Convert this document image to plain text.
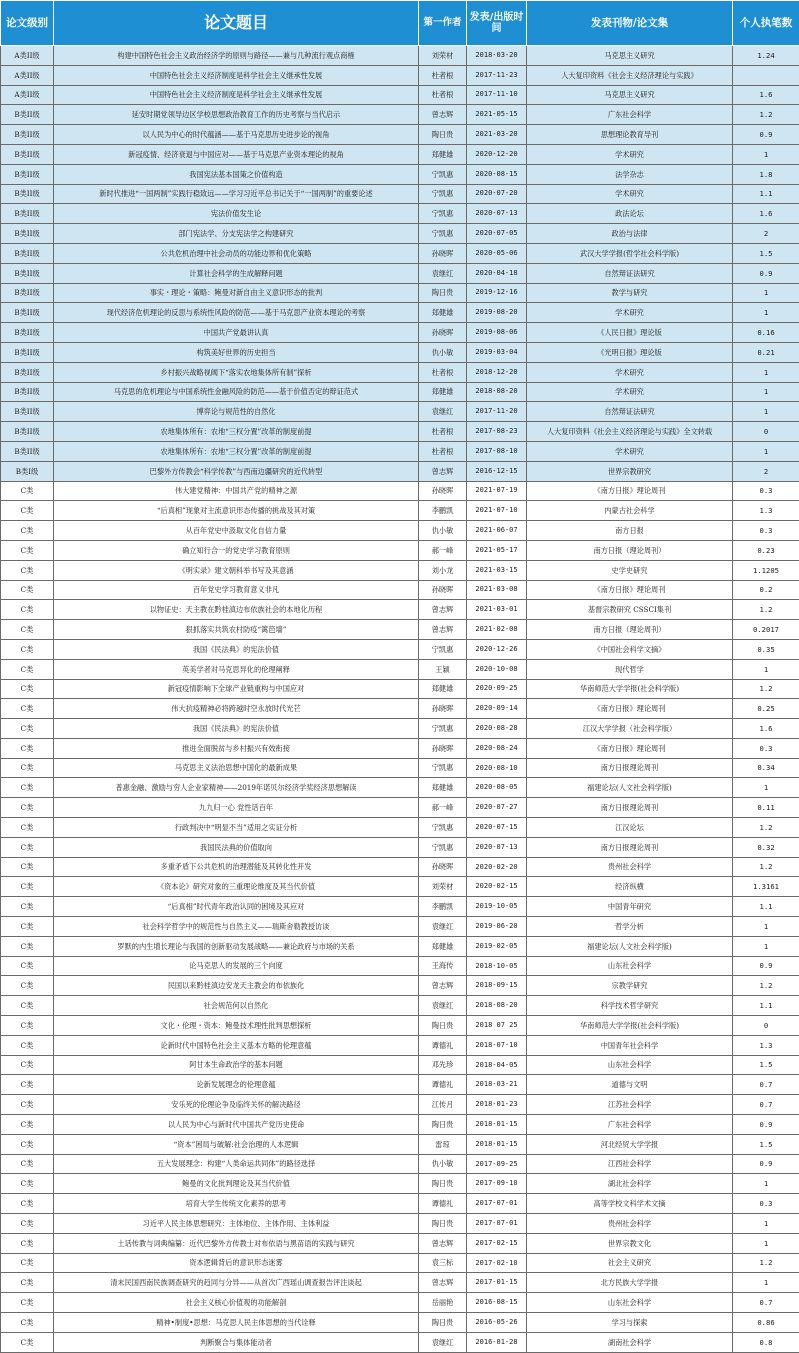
论文级别	论文题目	第一作者	发表/出版时间	发表刊物/论文集	个人执笔数
A类II级	构建中国特色社会主义政治经济学的原则与路径——兼与几种流行观点商榷	刘荣材	2018-03-20	马克思主义研究	1.24
A类II级	中国特色社会主义经济制度是科学社会主义继承性发展	杜者根	2017-11-23	人大复印资料《社会主义经济理论与实践》	
A类II级	中国特色社会主义经济制度是科学社会主义继承性发展	杜者根	2017-11-10	马克思主义研究	1.6
B类II级	延安时期党领导边区学校思想政治教育工作的历史考察与当代启示	曾志辉	2021-05-15	广东社会科学	1.2
B类II级	以人民为中心的时代蕴涵——基于马克思历史进步论的视角	陶日贵	2021-03-20	思想理论教育导刊	0.9
B类II级	新冠疫情、经济衰退与中国应对——基于马克思产业资本理论的视角	郑健雄	2020-12-20	学术研究	1
B类II级	我国宪法基本国策之价值构造	宁凯惠	2020-08-15	法学杂志	1.8
B类II级	新时代推进“一国两制”实践行稳致远——学习习近平总书记关于“一国两制”的重要论述	宁凯惠	2020-07-20	学术研究	1.1
B类II级	宪法价值发生论	宁凯惠	2020-07-13	政法论坛	1.6
B类II级	部门宪法学、分支宪法学之构建研究	宁凯惠	2020-07-05	政治与法律	2
B类II级	公共危机治理中社会动员的功能边界和优化策略	孙晓晖	2020-05-06	武汉大学学报(哲学社会科学版)	1.5
B类II级	计算社会科学的生成解释问题	袁继红	2020-04-18	自然辩证法研究	0.9
B类II级	事实・理论・策略：鲍曼对新自由主义意识形态的批判	陶日贵	2019-12-16	教学与研究	1
B类II级	现代经济危机理论的反思与系统性风险的防范——基于马克思产业资本理论的考察	郑健雄	2019-08-20	学术研究	1
B类II级	中国共产党最讲认真	孙晓晖	2019-08-06	《人民日报》理论版	0.16
B类II级	构筑美好世界的历史担当	仇小敏	2019-03-04	《光明日报》理论版	0.21
B类II级	乡村振兴战略视阈下“落实农地集体所有制”探析	杜者根	2018-12-20	学术研究	1
B类II级	马克思的危机理论与中国系统性金融风险的防范——基于价值否定的辩证范式	郑健雄	2018-08-20	学术研究	1
B类II级	博弈论与规范性的自然化	袁继红	2017-11-20	自然辩证法研究	1
B类II级	农地集体所有：农地“三权分置”改革的制度前提	杜者根	2017-08-23	人大复印资料《社会主义经济理论与实践》全文转载	0
B类II级	农地集体所有：农地“三权分置”改革的制度前提	杜者根	2017-08-10	学术研究	1
B类I级	巴黎外方传教会“科学传教”与西南边疆研究的近代转型	曾志辉	2016-12-15	世界宗教研究	2
C类	伟大建党精神：中国共产党的精神之源	孙晓晖	2021-07-19	《南方日报》理论周刊	0.3
C类	“后真相”现象对主流意识形态传播的挑战及其对策	李鹏凯	2021-07-10	内蒙古社会科学	1.3
C类	从百年党史中汲取文化自信力量	仇小敏	2021-06-07	南方日报	0.3
C类	确立知行合一的党史学习教育原则	郝一峰	2021-05-17	南方日报（理论周刊）	0.23
C类	《明实录》建文朝科举书写及其意涵	刘小龙	2021-03-15	史学史研究	1.1205
C类	百年党史学习教育意义非凡	孙晓晖	2021-03-08	《南方日报》理论周刊	0.2
C类	以物证史：天主教在黔桂滇边布依族社会的本地化历程	曾志辉	2021-03-01	基督宗教研究 CSSCI集刊	1.2
C类	狠抓落实共筑农村防疫“篱笆墙”	曾志辉	2021-02-08	南方日报（理论周刊）	0.2017
C类	我国《民法典》的宪法价值	宁凯惠	2020-12-26	《中国社会科学文摘》	0.35
C类	英美学者对马克思异化的伦理阐释	王颖	2020-10-08	现代哲学	1
C类	新冠疫情影响下全球产业链重构与中国应对	郑健雄	2020-09-25	华南师范大学学报(社会科学版)	1.2
C类	伟大抗疫精神必将跨越时空永放时代光芒	孙晓晖	2020-09-14	《南方日报》理论周刊	0.25
C类	我国《民法典》的宪法价值	宁凯惠	2020-08-28	江汉大学学报（社会科学版）	1.6
C类	推进全面脱贫与乡村振兴有效衔接	孙晓晖	2020-08-24	《南方日报》理论周刊	0.3
C类	马克思主义法治思想中国化的最新成果	宁凯惠	2020-08-10	南方日报理论周刊	0.34
C类	普惠金融、激励与穷人企业家精神——2019年诺贝尔经济学奖经济思想解读	郑健雄	2020-08-05	福建论坛(人文社会科学版)	1
C类	九九归一心 党性话百年	郝一峰	2020-07-27	南方日报理论周刊	0.11
C类	行政判决中“明显不当”适用之实证分析	宁凯惠	2020-07-15	江汉论坛	1.2
C类	我国民法典的价值取向	宁凯惠	2020-07-13	南方日报理论周刊	0.32
C类	多重矛盾下公共危机的治理潜能及其转化性开发	孙晓晖	2020-02-20	贵州社会科学	1.2
C类	《资本论》研究对象的三重理论维度及其当代价值	刘荣材	2020-02-15	经济纵横	1.3161
C类	“后真相”时代青年政治认同的困境及其应对	李鹏凯	2019-10-05	中国青年研究	1.1
C类	社会科学哲学中的规范性与自然主义——瑞斯舍勒教授访谈	袁继红	2019-06-20	哲学分析	1
C类	罗默的内生增长理论与我国的创新驱动发展战略——兼论政府与市场的关系	郑健雄	2019-02-05	福建论坛(人文社会科学版)	1
C类	论马克思人的发展的三个向度	王海传	2018-10-05	山东社会科学	0.9
C类	民国以来黔桂滇边安龙天主教会的布依族化	曾志辉	2018-09-15	宗教学研究	1.2
C类	社会规范何以自然化	袁继红	2018-08-20	科学技术哲学研究	1.1
C类	文化・伦理・资本：鲍曼技术理性批判思想探析	陶日贵	2018 07 25	华南师范大学学报(社会科学版)	0
C类	论新时代中国特色社会主义基本方略的伦理意蕴	谭德礼	2018-07-10	中国青年社会科学	1.3
C类	阿甘本生命政治学的基本问题	邓先珍	2018-04-05	山东社会科学	1.5
C类	论新发展理念的伦理意蕴	谭德礼	2018-03-21	道德与文明	0.7
C类	安乐死的伦理论争及临终关怀的解决路径	江传月	2018-01-23	江苏社会科学	0.7
C类	以人民为中心与新时代中国共产党历史使命	陶日贵	2018-01-15	广东社会科学	0.9
C类	“资本”困局与破解:社会治理的人本逻辑	雷琼	2018-01-15	河北经贸大学学报	1.5
C类	五大发展理念：构建“人类命运共同体”的路径选择	仇小敏	2017-09-25	江西社会科学	0.9
C类	鲍曼的文化批判理论及其当代价值	陶日贵	2017-09-10	湖北社会科学	1
C类	培育大学生传统文化素养的思考	谭德礼	2017-07-01	高等学校文科学术文摘	0.3
C类	习近平人民主体思想研究：主体地位、主体作用、主体利益	陶日贵	2017-07-01	贵州社会科学	1
C类	土话传教与词典编纂：近代巴黎外方传教士对布依语与黑苗语的实践与研究	曾志辉	2017-02-15	世界宗教文化	1
C类	资本逻辑背后的意识形态迷雾	袁三标	2017-02-10	社会主义研究	1.2
C类	清末民国西南民族调查研究的趋同与分异——从首次广西瑶山调查报告评注谈起	曾志辉	2017-01-15	北方民族大学学报	1
C类	社会主义核心价值观的功能解剖	岳丽艳	2016-08-15	山东社会科学	0.7
C类	精神•制度•思想：马克思人民主体思想的当代诠释	陶日贵	2016-05-26	学习与探索	0.86
C类	判断聚合与集体能动者	袁继红	2016-01-28	湖南社会科学	0.8
